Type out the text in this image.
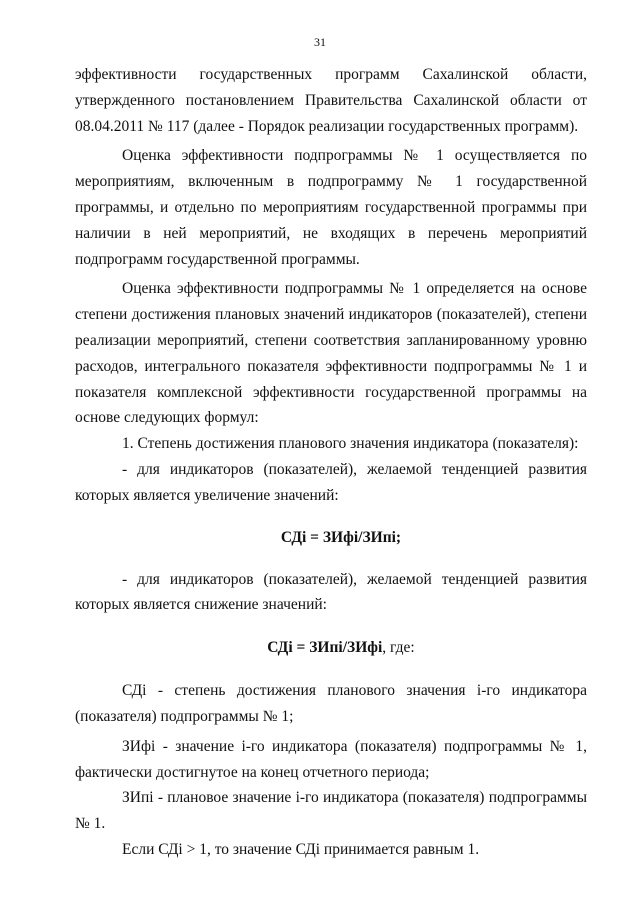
31

эффективности государственных программ Сахалинской области, утвержденного постановлением Правительства Сахалинской области от 08.04.2011 № 117 (далее - Порядок реализации государственных программ).

Оценка эффективности подпрограммы № 1 осуществляется по мероприятиям, включенным в подпрограмму № 1 государственной программы, и отдельно по мероприятиям государственной программы при наличии в ней мероприятий, не входящих в перечень мероприятий подпрограмм государственной программы.

Оценка эффективности подпрограммы № 1 определяется на основе степени достижения плановых значений индикаторов (показателей), степени реализации мероприятий, степени соответствия запланированному уровню расходов, интегрального показателя эффективности подпрограммы № 1 и показателя комплексной эффективности государственной программы на основе следующих формул:

1. Степень достижения планового значения индикатора (показателя):

- для индикаторов (показателей), желаемой тенденцией развития которых является увеличение значений:

СДi = ЗИфi/ЗИпi;

- для индикаторов (показателей), желаемой тенденцией развития которых является снижение значений:

СДi = ЗИпi/ЗИфi, где:

СДi - степень достижения планового значения i-го индикатора (показателя) подпрограммы № 1;

ЗИфi - значение i-го индикатора (показателя) подпрограммы № 1, фактически достигнутое на конец отчетного периода;

ЗИпi - плановое значение i-го индикатора (показателя) подпрограммы № 1.

Если СДi > 1, то значение СДi принимается равным 1.
